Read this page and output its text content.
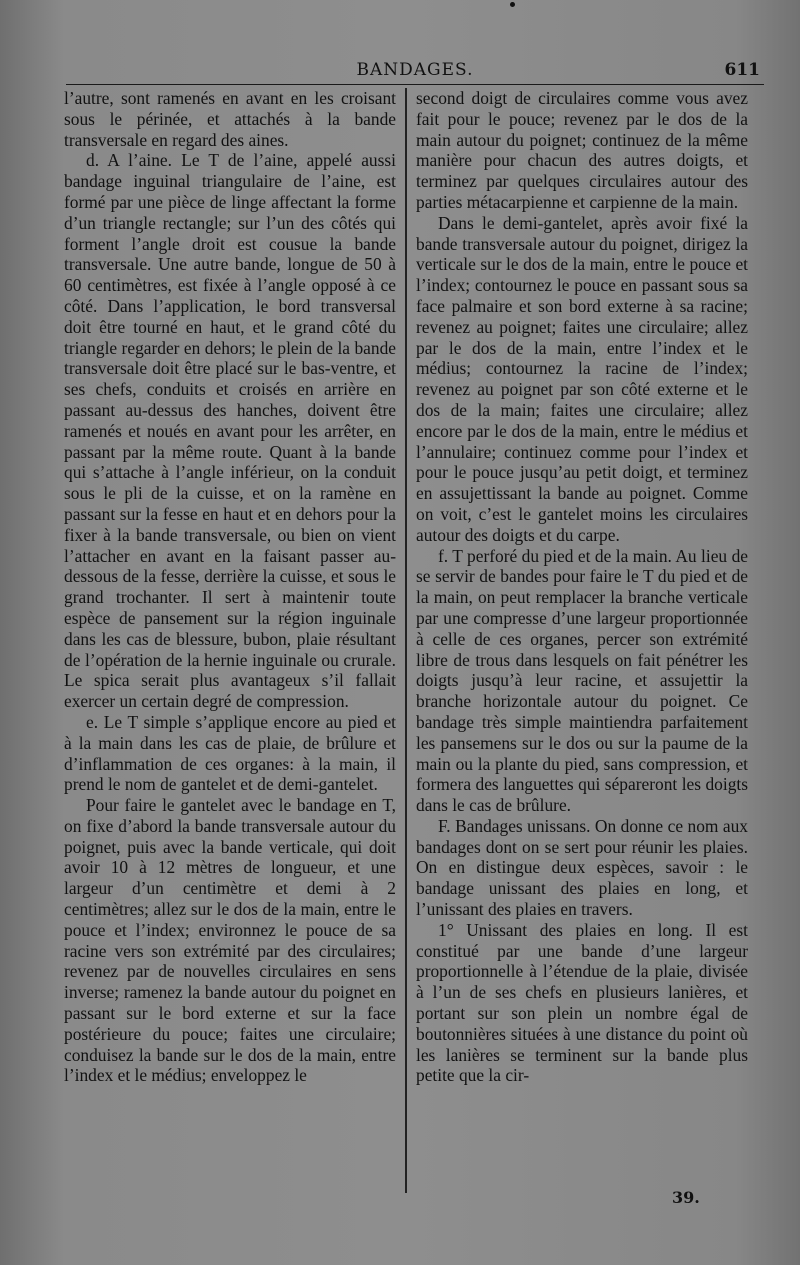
BANDAGES.	611

l’autre, sont ramenés en avant en les croisant sous le périnée, et attachés à la bande transversale en regard des aines.

d. A l’aine. Le T de l’aine, appelé aussi bandage inguinal triangulaire de l’aine, est formé par une pièce de linge affectant la forme d’un triangle rectangle; sur l’un des côtés qui forment l’angle droit est cousue la bande transversale. Une autre bande, longue de 50 à 60 centimètres, est fixée à l’angle opposé à ce côté. Dans l’application, le bord transversal doit être tourné en haut, et le grand côté du triangle regarder en dehors; le plein de la bande transversale doit être placé sur le bas-ventre, et ses chefs, conduits et croisés en arrière en passant au-dessus des hanches, doivent être ramenés et noués en avant pour les arrêter, en passant par la même route. Quant à la bande qui s’attache à l’angle inférieur, on la conduit sous le pli de la cuisse, et on la ramène en passant sur la fesse en haut et en dehors pour la fixer à la bande transversale, ou bien on vient l’attacher en avant en la faisant passer au-dessous de la fesse, derrière la cuisse, et sous le grand trochanter. Il sert à maintenir toute espèce de pansement sur la région inguinale dans les cas de blessure, bubon, plaie résultant de l’opération de la hernie inguinale ou crurale. Le spica serait plus avantageux s’il fallait exercer un certain degré de compression.

e. Le T simple s’applique encore au pied et à la main dans les cas de plaie, de brûlure et d’inflammation de ces organes: à la main, il prend le nom de gantelet et de demi-gantelet.

Pour faire le gantelet avec le bandage en T, on fixe d’abord la bande transversale autour du poignet, puis avec la bande verticale, qui doit avoir 10 à 12 mètres de longueur, et une largeur d’un centimètre et demi à 2 centimètres; allez sur le dos de la main, entre le pouce et l’index; environnez le pouce de sa racine vers son extrémité par des circulaires; revenez par de nouvelles circulaires en sens inverse; ramenez la bande autour du poignet en passant sur le bord externe et sur la face postérieure du pouce; faites une circulaire; conduisez la bande sur le dos de la main, entre l’index et le médius; enveloppez le

second doigt de circulaires comme vous avez fait pour le pouce; revenez par le dos de la main autour du poignet; continuez de la même manière pour chacun des autres doigts, et terminez par quelques circulaires autour des parties métacarpienne et carpienne de la main.

Dans le demi-gantelet, après avoir fixé la bande transversale autour du poignet, dirigez la verticale sur le dos de la main, entre le pouce et l’index; contournez le pouce en passant sous sa face palmaire et son bord externe à sa racine; revenez au poignet; faites une circulaire; allez par le dos de la main, entre l’index et le médius; contournez la racine de l’index; revenez au poignet par son côté externe et le dos de la main; faites une circulaire; allez encore par le dos de la main, entre le médius et l’annulaire; continuez comme pour l’index et pour le pouce jusqu’au petit doigt, et terminez en assujettissant la bande au poignet. Comme on voit, c’est le gantelet moins les circulaires autour des doigts et du carpe.

f. T perforé du pied et de la main. Au lieu de se servir de bandes pour faire le T du pied et de la main, on peut remplacer la branche verticale par une compresse d’une largeur proportionnée à celle de ces organes, percer son extrémité libre de trous dans lesquels on fait pénétrer les doigts jusqu’à leur racine, et assujettir la branche horizontale autour du poignet. Ce bandage très simple maintiendra parfaitement les pansemens sur le dos ou sur la paume de la main ou la plante du pied, sans compression, et formera des languettes qui sépareront les doigts dans le cas de brûlure.

F. Bandages unissans. On donne ce nom aux bandages dont on se sert pour réunir les plaies. On en distingue deux espèces, savoir : le bandage unissant des plaies en long, et l’unissant des plaies en travers.

1° Unissant des plaies en long. Il est constitué par une bande d’une largeur proportionnelle à l’étendue de la plaie, divisée à l’un de ses chefs en plusieurs lanières, et portant sur son plein un nombre égal de boutonnières situées à une distance du point où les lanières se terminent sur la bande plus petite que la cir-

39.
